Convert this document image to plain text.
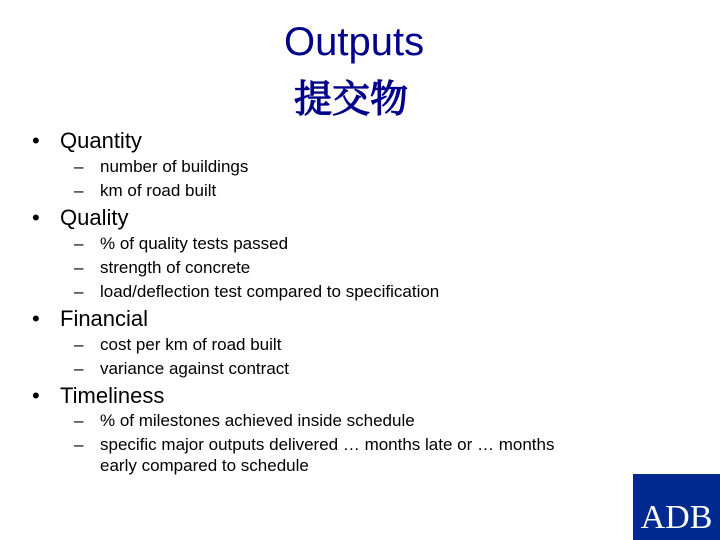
Outputs
提交物
• Quantity
– number of buildings
– km of road built
• Quality
– % of quality tests passed
– strength of concrete
– load/deflection test compared to specification
• Financial
– cost per km of road built
– variance against contract
• Timeliness
– % of milestones achieved inside schedule
– specific major outputs delivered … months late or … months
early compared to schedule
ADB
